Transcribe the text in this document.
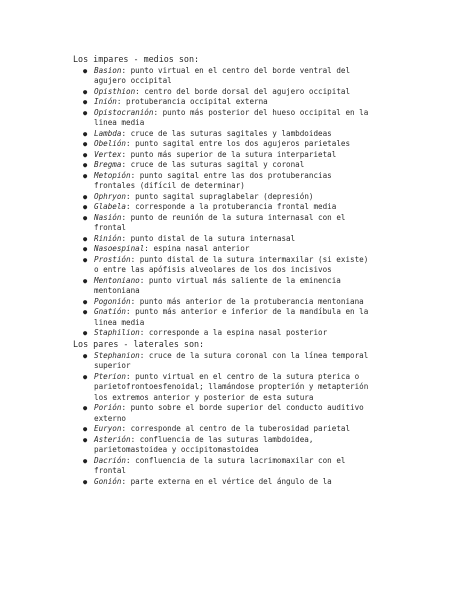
Los impares - medios son:
● Basion: punto virtual en el centro del borde ventral del
agujero occipital
● Opisthion: centro del borde dorsal del agujero occipital
● Inión: protuberancia occipital externa
● Opistocranión: punto más posterior del hueso occipital en la
linea media
● Lambda: cruce de las suturas sagitales y lambdoideas
● Obelión: punto sagital entre los dos agujeros parietales
● Vertex: punto más superior de la sutura interparietal
● Bregma: cruce de las suturas sagital y coronal
● Metopión: punto sagital entre las dos protuberancias
frontales (difícil de determinar)
● Ophryon: punto sagital supraglabelar (depresión)
● Glabela: corresponde a la protuberancia frontal media
● Nasión: punto de reunión de la sutura internasal con el
frontal
● Rinión: punto distal de la sutura internasal
● Nasoespinal: espina nasal anterior
● Prostión: punto distal de la sutura intermaxilar (si existe)
o entre las apófisis alveolares de los dos incisivos
● Mentoniano: punto virtual más saliente de la eminencia
mentoniana
● Pogonión: punto más anterior de la protuberancia mentoniana
● Gnatión: punto más anterior e inferior de la mandíbula en la
linea media
● Staphilion: corresponde a la espina nasal posterior
Los pares - laterales son:
● Stephanion: cruce de la sutura coronal con la línea temporal
superior
● Pterion: punto virtual en el centro de la sutura pterica o
parietofrontoesfenoidal; llamándose propterión y metapterión
los extremos anterior y posterior de esta sutura
● Porión: punto sobre el borde superior del conducto auditivo
externo
● Euryon: corresponde al centro de la tuberosidad parietal
● Asterión: confluencia de las suturas lambdoidea,
parietomastoidea y occipitomastoidea
● Dacrión: confluencia de la sutura lacrimomaxilar con el
frontal
● Gonión: parte externa en el vértice del ángulo de la
